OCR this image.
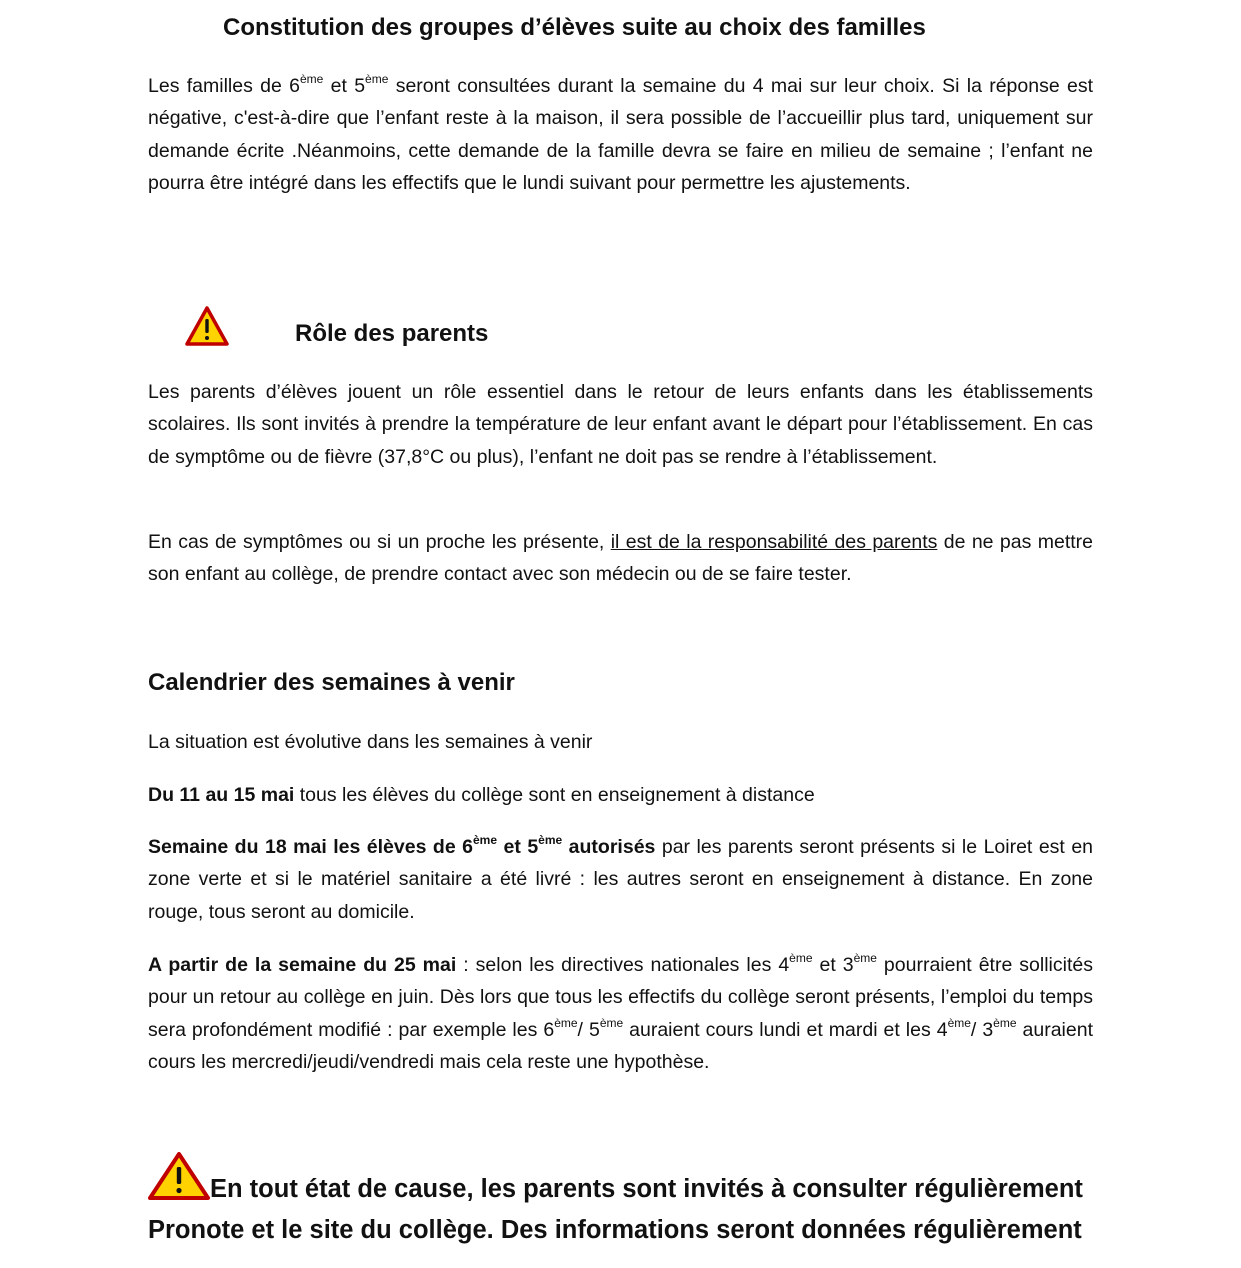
Constitution des groupes d’élèves suite au choix des familles

Les familles de 6ème et 5ème seront consultées durant la semaine du 4 mai sur leur choix. Si la réponse est négative, c'est-à-dire que l’enfant reste à la maison, il sera possible de l’accueillir plus tard, uniquement sur demande écrite .Néanmoins, cette demande de la famille devra se faire en milieu de semaine ; l’enfant ne pourra être intégré dans les effectifs que le lundi suivant pour permettre les ajustements.

Rôle des parents

Les parents d’élèves jouent un rôle essentiel dans le retour de leurs enfants dans les établissements scolaires. Ils sont invités à prendre la température de leur enfant avant le départ pour l’établissement. En cas de symptôme ou de fièvre (37,8°C ou plus), l’enfant ne doit pas se rendre à l’établissement.

En cas de symptômes ou si un proche les présente, il est de la responsabilité des parents de ne pas mettre son enfant au collège, de prendre contact avec son médecin ou de se faire tester.

Calendrier des semaines à venir

La situation est évolutive dans les semaines à venir

Du 11 au 15 mai tous les élèves du collège sont en enseignement à distance

Semaine du 18 mai les élèves de 6ème et 5ème autorisés par les parents seront présents si le Loiret est en zone verte et si le matériel sanitaire a été livré : les autres seront en enseignement à distance. En zone rouge, tous seront au domicile.

A partir de la semaine du 25 mai : selon les directives nationales les 4ème et 3ème pourraient être sollicités pour un retour au collège en juin. Dès lors que tous les effectifs du collège seront présents, l’emploi du temps sera profondément modifié : par exemple les 6ème/ 5ème auraient cours lundi et mardi et les 4ème/ 3ème auraient cours les mercredi/jeudi/vendredi mais cela reste une hypothèse.

En tout état de cause, les parents sont invités à consulter régulièrement Pronote et le site du collège. Des informations seront données régulièrement
